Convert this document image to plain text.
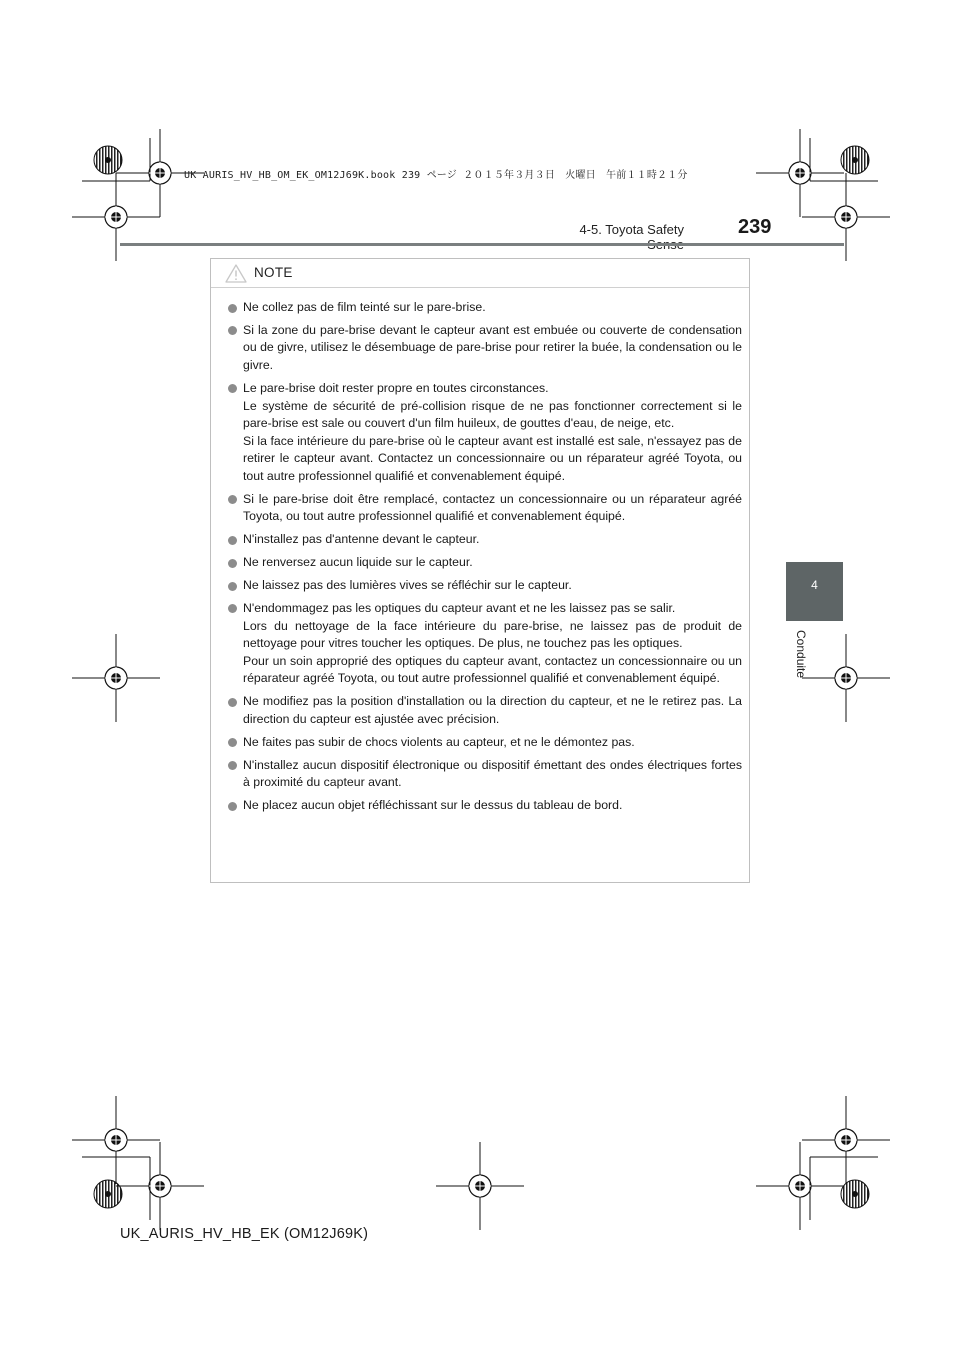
UK AURIS_HV_HB_OM_EK_OM12J69K.book 239 ページ ２０１５年３月３日　火曜日　午前１１時２１分
4-5. Toyota Safety	239
4
Conduite
NOTE
Ne collez pas de film teinté sur le pare-brise.
Si la zone du pare-brise devant le capteur avant est embuée ou couverte de condensation ou de givre, utilisez le désembuage de pare-brise pour retirer la buée, la condensation ou le givre.
Le pare-brise doit rester propre en toutes circonstances.
Le système de sécurité de pré-collision risque de ne pas fonctionner correctement si le pare-brise est sale ou couvert d'un film huileux, de gouttes d'eau, de neige, etc.
Si la face intérieure du pare-brise où le capteur avant est installé est sale, n'essayez pas de retirer le capteur avant. Contactez un concessionnaire ou un réparateur agréé Toyota, ou tout autre professionnel qualifié et convenablement équipé.
Si le pare-brise doit être remplacé, contactez un concessionnaire ou un réparateur agréé Toyota, ou tout autre professionnel qualifié et convenablement équipé.
N'installez pas d'antenne devant le capteur.
Ne renversez aucun liquide sur le capteur.
Ne laissez pas des lumières vives se réfléchir sur le capteur.
N'endommagez pas les optiques du capteur avant et ne les laissez pas se salir.
Lors du nettoyage de la face intérieure du pare-brise, ne laissez pas de produit de nettoyage pour vitres toucher les optiques. De plus, ne touchez pas les optiques.
Pour un soin approprié des optiques du capteur avant, contactez un concessionnaire ou un réparateur agréé Toyota, ou tout autre professionnel qualifié et convenablement équipé.
Ne modifiez pas la position d'installation ou la direction du capteur, et ne le retirez pas. La direction du capteur est ajustée avec précision.
Ne faites pas subir de chocs violents au capteur, et ne le démontez pas.
N'installez aucun dispositif électronique ou dispositif émettant des ondes électriques fortes à proximité du capteur avant.
Ne placez aucun objet réfléchissant sur le dessus du tableau de bord.
UK_AURIS_HV_HB_EK (OM12J69K)
